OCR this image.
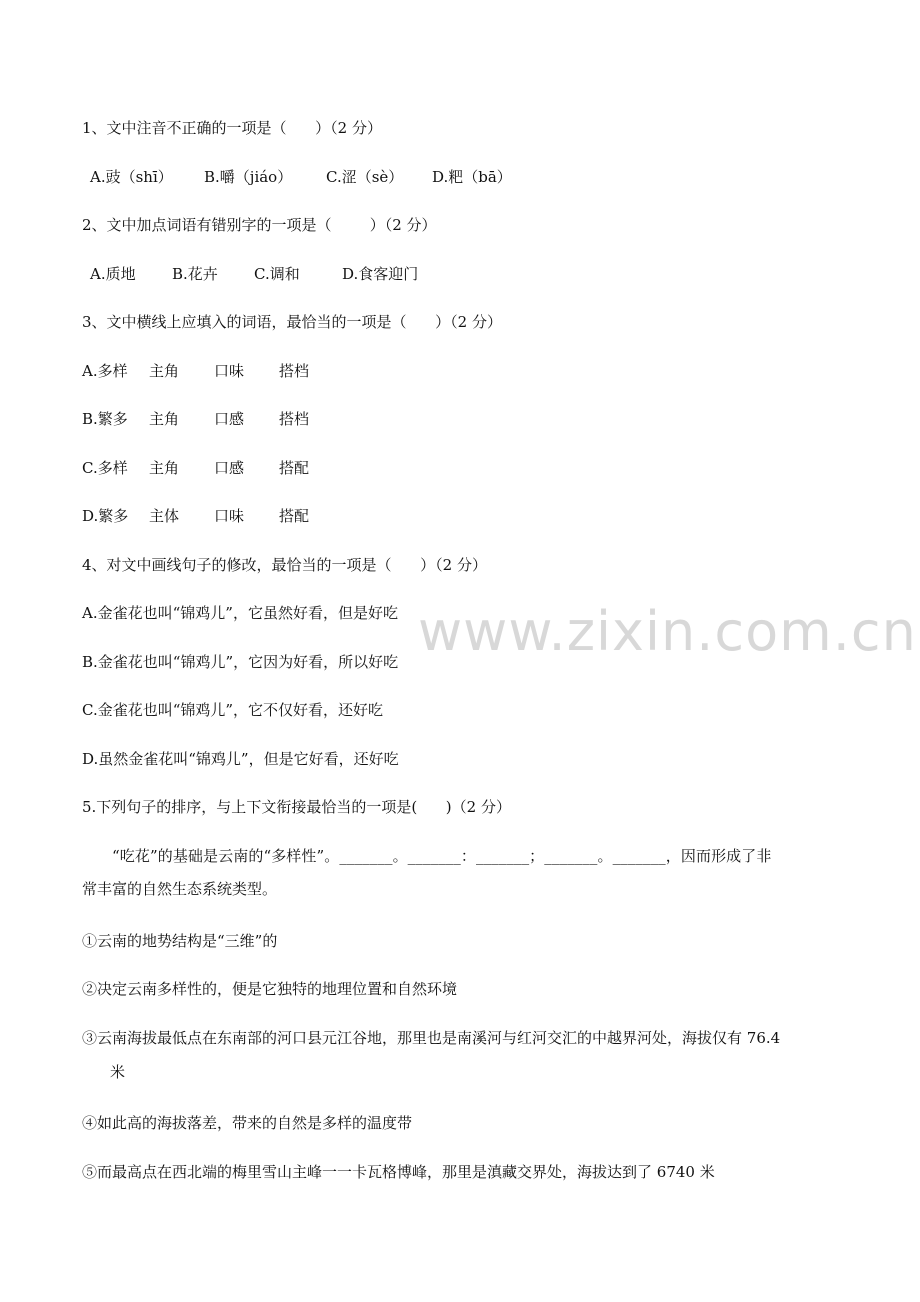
www.zixin.com.cn
1、文中注音不正确的一项是（      ）（2 分）
A.豉（shī） B.嚼（jiáo） C.涩（sè） D.粑（bā）
2、文中加点词语有错别字的一项是（        ）（2 分）
A.质地 B.花卉 C.调和	D.食客迎门
3、文中横线上应填入的词语，最恰当的一项是（      ）（2 分）
A.多样 主角 口味 搭档
B.繁多 主角 口感 搭档
C.多样 主角 口感 搭配
D.繁多 主体 口味 搭配
4、对文中画线句子的修改，最恰当的一项是（      ）（2 分）
A.金雀花也叫“锦鸡儿”，它虽然好看，但是好吃
B.金雀花也叫“锦鸡儿”，它因为好看，所以好吃
C.金雀花也叫“锦鸡儿”，它不仅好看，还好吃
D.虽然金雀花叫“锦鸡儿”，但是它好看，还好吃
5.下列句子的排序，与上下文衔接最恰当的一项是(      )（2 分）
“吃花”的基础是云南的“多样性”。_______。_______：_______；_______。_______，因而形成了非
常丰富的自然生态系统类型。
①云南的地势结构是“三维”的
②决定云南多样性的，便是它独特的地理位置和自然环境
③云南海拔最低点在东南部的河口县元江谷地，那里也是南溪河与红河交汇的中越界河处，海拔仅有 76.4
米
④如此高的海拔落差，带来的自然是多样的温度带
⑤而最高点在西北端的梅里雪山主峰一一卡瓦格博峰，那里是滇藏交界处，海拔达到了 6740 米
